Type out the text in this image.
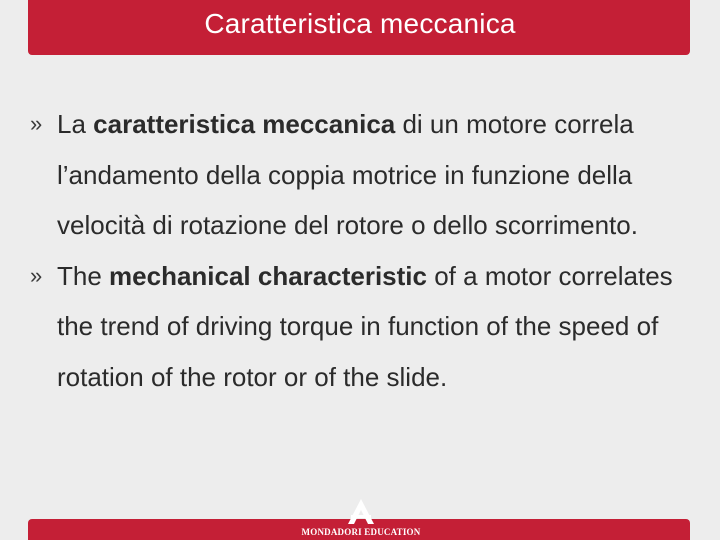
Caratteristica meccanica
» La caratteristica meccanica di un motore correla l’andamento della coppia motrice in funzione della velocità di rotazione del rotore o dello scorrimento.
» The mechanical characteristic of a motor correlates the trend of driving torque in function of the speed of rotation of the rotor or of the slide.
MONDADORI EDUCATION
